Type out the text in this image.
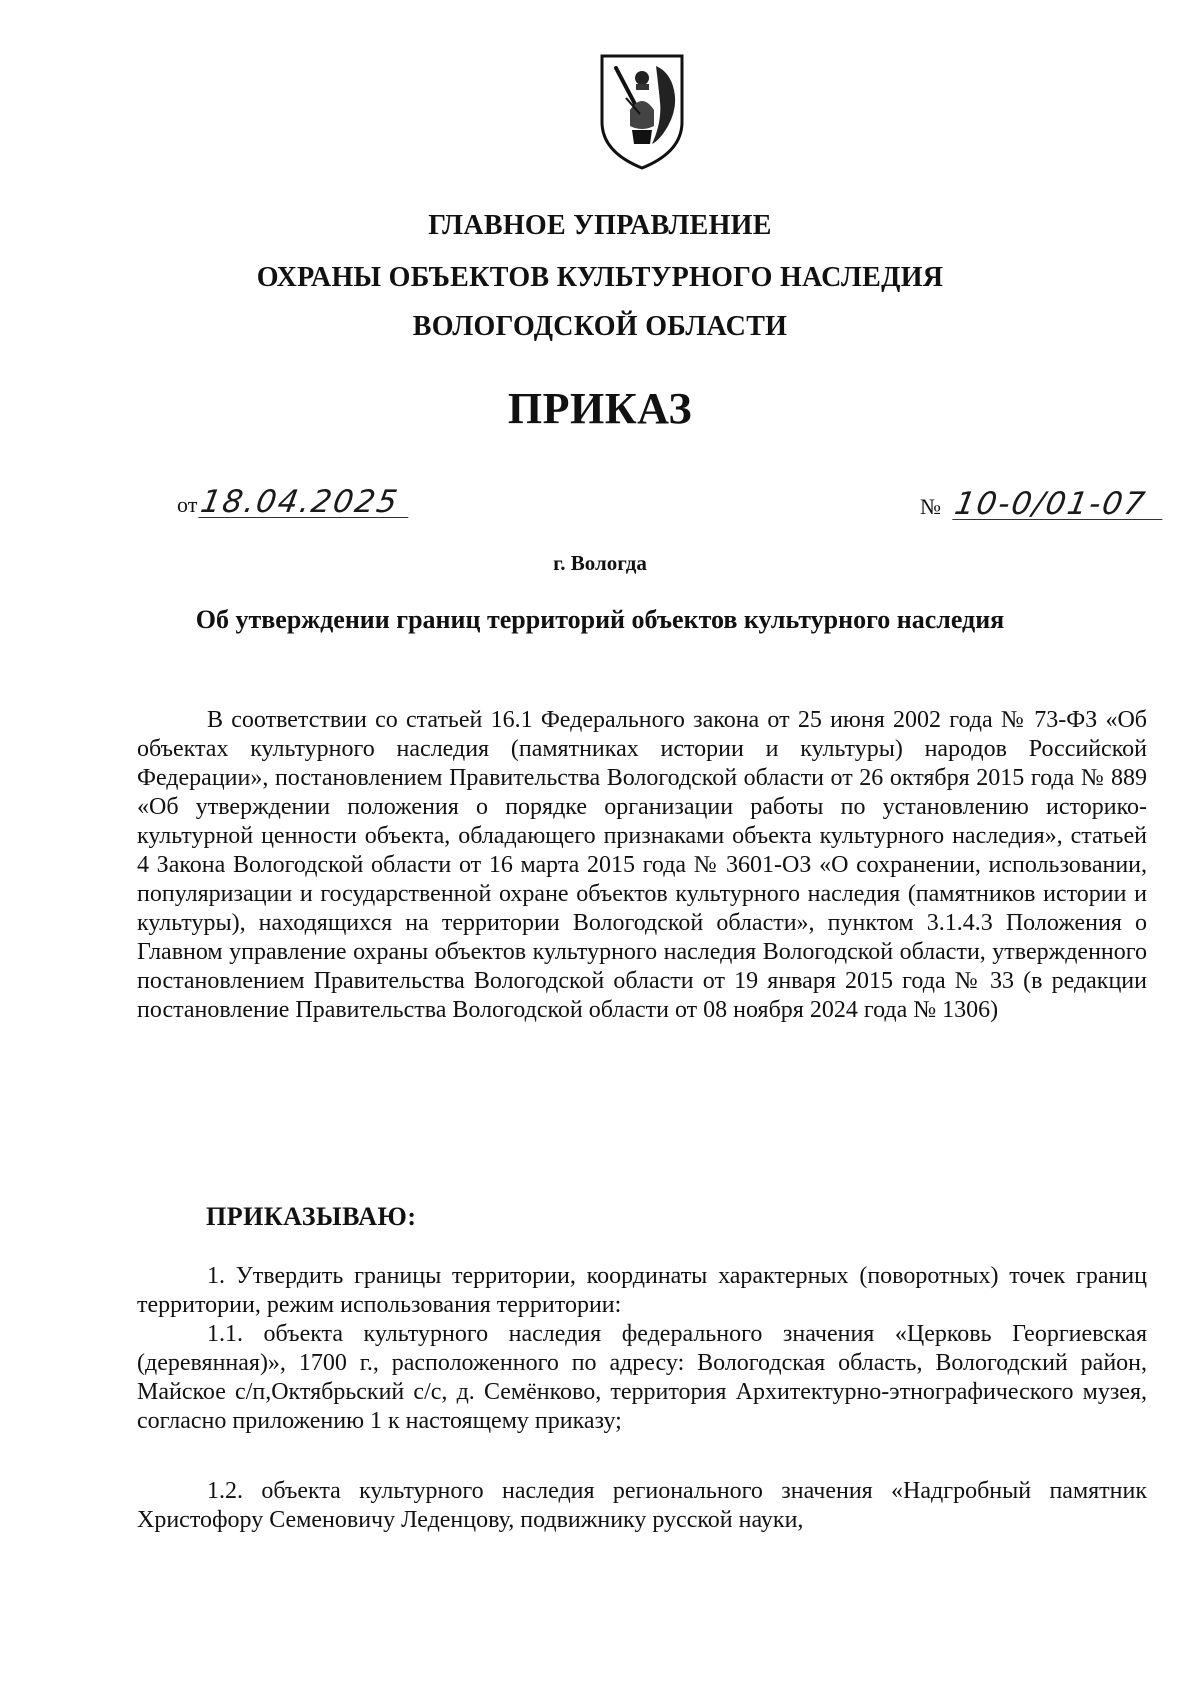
ГЛАВНОЕ УПРАВЛЕНИЕ
ОХРАНЫ ОБЪЕКТОВ КУЛЬТУРНОГО НАСЛЕДИЯ
ВОЛОГОДСКОЙ ОБЛАСТИ
ПРИКАЗ
от18.04.2025	№ 10-0/01-07
г. Вологда
Об утверждении границ территорий объектов культурного наследия
В соответствии со статьей 16.1 Федерального закона от 25 июня 2002 года № 73-ФЗ «Об объектах культурного наследия (памятниках истории и культуры) народов Российской Федерации», постановлением Правительства Вологодской области от 26 октября 2015 года № 889 «Об утверждении положения о порядке организации работы по установлению историко-культурной ценности объекта, обладающего признаками объекта культурного наследия», статьей 4 Закона Вологодской области от 16 марта 2015 года № 3601-ОЗ «О сохранении, использовании, популяризации и государственной охране объектов культурного наследия (памятников истории и культуры), находящихся на территории Вологодской области», пунктом 3.1.4.3 Положения о Главном управление охраны объектов культурного наследия Вологодской области, утвержденного постановлением Правительства Вологодской области от 19 января 2015 года № 33 (в редакции постановление Правительства Вологодской области от 08 ноября 2024 года № 1306)
ПРИКАЗЫВАЮ:
1. Утвердить границы территории, координаты характерных (поворотных) точек границ территории, режим использования территории:
1.1. объекта культурного наследия федерального значения «Церковь Георгиевская (деревянная)», 1700 г., расположенного по адресу: Вологодская область, Вологодский район, Майское с/п,Октябрьский с/с, д. Семёнково, территория Архитектурно-этнографического музея, согласно приложению 1 к настоящему приказу;
1.2. объекта культурного наследия регионального значения «Надгробный памятник Христофору Семеновичу Леденцову, подвижнику русской науки,
